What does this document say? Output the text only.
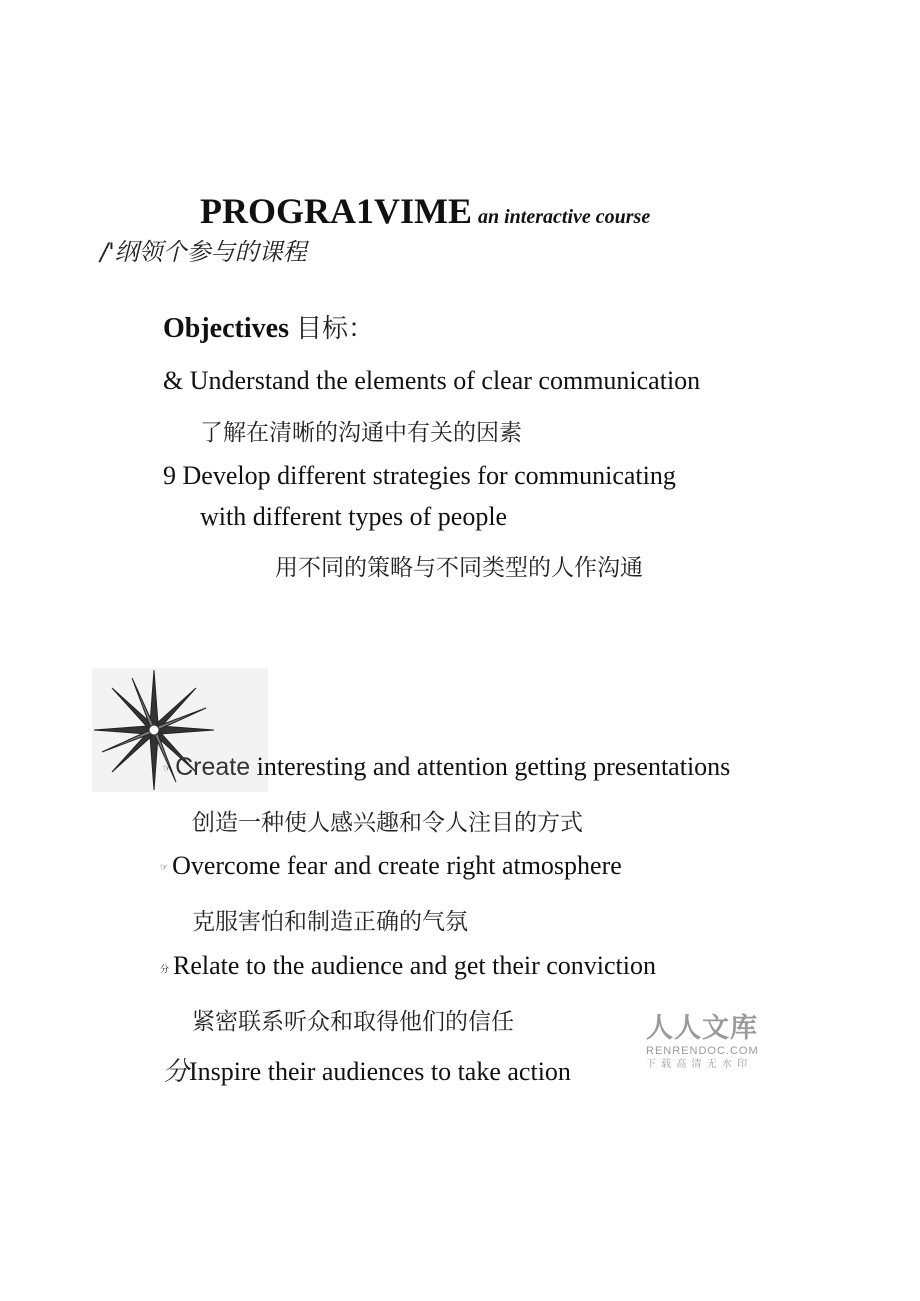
PROGRA1VIME an interactive course
/'纲领个参与的课程
Objectives 目标：
& Understand the elements of clear communication
了解在清晰的沟通中有关的因素
9 Develop different strategies for communicating
with different types of people
用不同的策略与不同类型的人作沟通
☞ Create interesting and attention getting presentations
创造一种使人感兴趣和令人注目的方式
☞ Overcome fear and create right atmosphere
克服害怕和制造正确的气氛
分 Relate to the audience and get their conviction
紧密联系听众和取得他们的信任
分Inspire their audiences to take action
人人文库
RENRENDOC.COM
下 载 高 清 无 水 印
